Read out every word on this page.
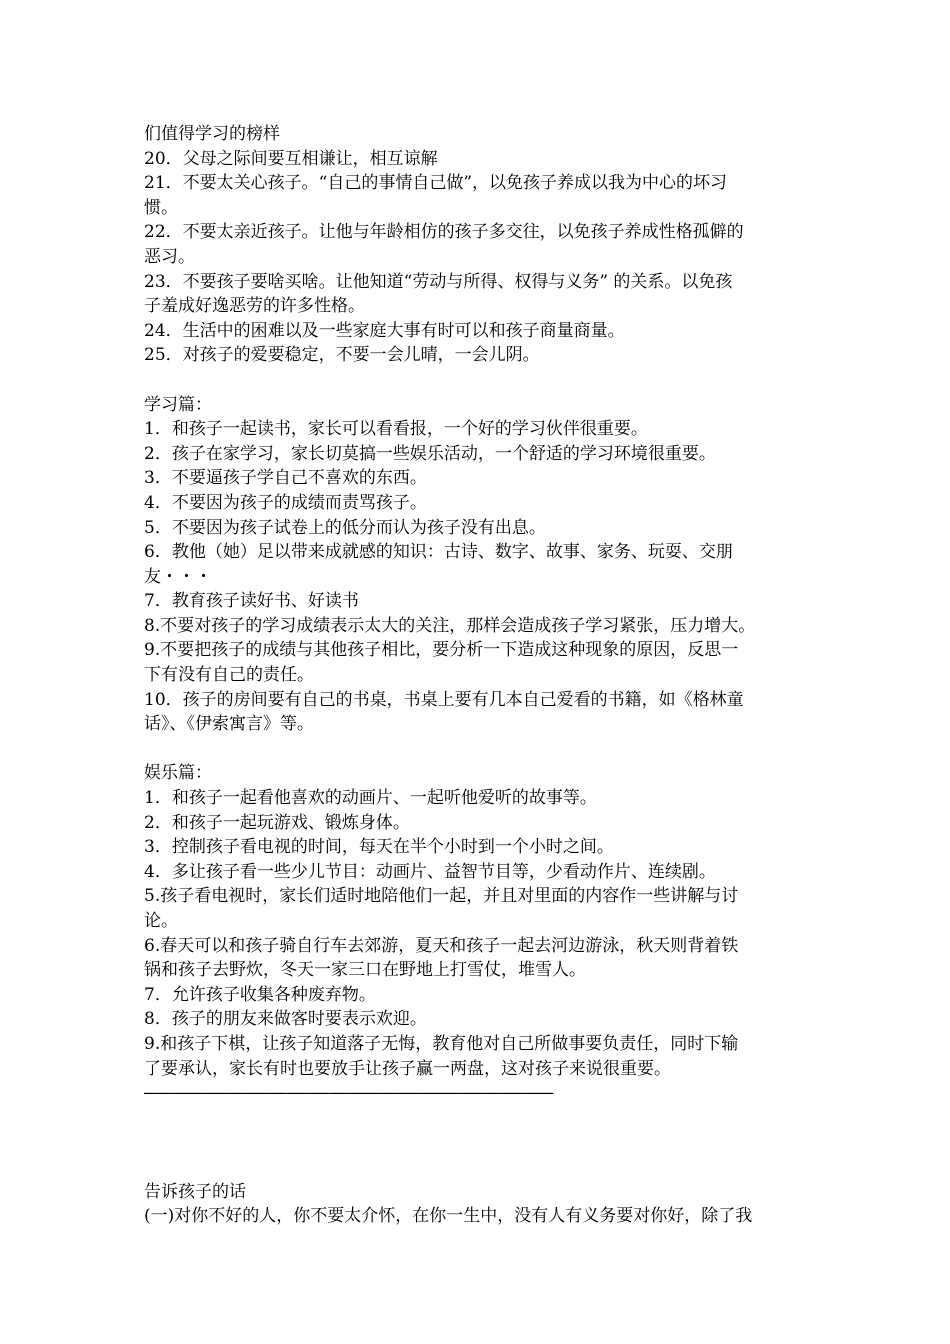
们值得学习的榜样

20．父母之际间要互相谦让，相互谅解

21．不要太关心孩子。“自己的事情自己做”，以免孩子养成以我为中心的坏习

惯。

22．不要太亲近孩子。让他与年龄相仿的孩子多交往，以免孩子养成性格孤僻的

恶习。

23．不要孩子要啥买啥。让他知道“劳动与所得、权得与义务” 的关系。以免孩

子羞成好逸恶劳的许多性格。

24．生活中的困难以及一些家庭大事有时可以和孩子商量商量。

25．对孩子的爱要稳定，不要一会儿晴，一会儿阴。

学习篇：

1．和孩子一起读书，家长可以看看报，一个好的学习伙伴很重要。

2．孩子在家学习，家长切莫搞一些娱乐活动，一个舒适的学习环境很重要。

3．不要逼孩子学自己不喜欢的东西。

4．不要因为孩子的成绩而责骂孩子。

5．不要因为孩子试卷上的低分而认为孩子没有出息。

6．教他（她）足以带来成就感的知识：古诗、数字、故事、家务、玩耍、交朋

友・・・

7．教育孩子读好书、好读书

8.不要对孩子的学习成绩表示太大的关注，那样会造成孩子学习紧张，压力增大。

9.不要把孩子的成绩与其他孩子相比，要分析一下造成这种现象的原因，反思一

下有没有自己的责任。

10．孩子的房间要有自己的书桌，书桌上要有几本自己爱看的书籍，如《格林童

话》、《伊索寓言》等。

娱乐篇：

1．和孩子一起看他喜欢的动画片、一起听他爱听的故事等。

2．和孩子一起玩游戏、锻炼身体。

3．控制孩子看电视的时间，每天在半个小时到一个小时之间。

4．多让孩子看一些少儿节目：动画片、益智节目等，少看动作片、连续剧。

5.孩子看电视时，家长们适时地陪他们一起，并且对里面的内容作一些讲解与讨

论。

6.春天可以和孩子骑自行车去郊游，夏天和孩子一起去河边游泳，秋天则背着铁

锅和孩子去野炊，冬天一家三口在野地上打雪仗，堆雪人。

7．允许孩子收集各种废弃物。

8．孩子的朋友来做客时要表示欢迎。

9.和孩子下棋，让孩子知道落子无悔，教育他对自己所做事要负责任，同时下输

了要承认，家长有时也要放手让孩子赢一两盘，这对孩子来说很重要。

————————————————————————————————————————

告诉孩子的话

(一)对你不好的人，你不要太介怀，在你一生中，没有人有义务要对你好，除了我
